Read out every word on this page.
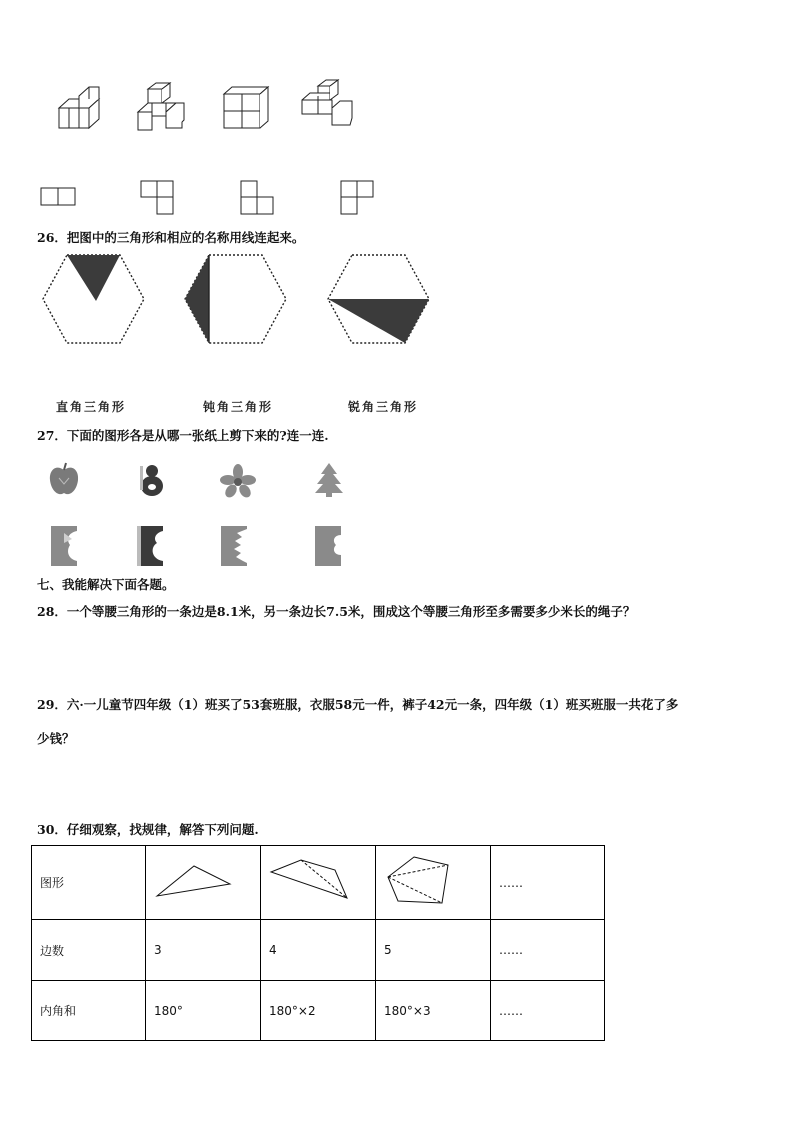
26．把图中的三角形和相应的名称用线连起来。
直角三角形	钝角三角形	锐角三角形
27．下面的图形各是从哪一张纸上剪下来的?连一连.
七、我能解决下面各题。
28．一个等腰三角形的一条边是8.1米，另一条边长7.5米，围成这个等腰三角形至多需要多少米长的绳子？
29．六·一儿童节四年级（1）班买了53套班服，衣服58元一件，裤子42元一条，四年级（1）班买班服一共花了多
少钱？
30．仔细观察，找规律，解答下列问题.
图形				……
边数	3	4	5	……
内角和	180°	180°×2	180°×3	……
